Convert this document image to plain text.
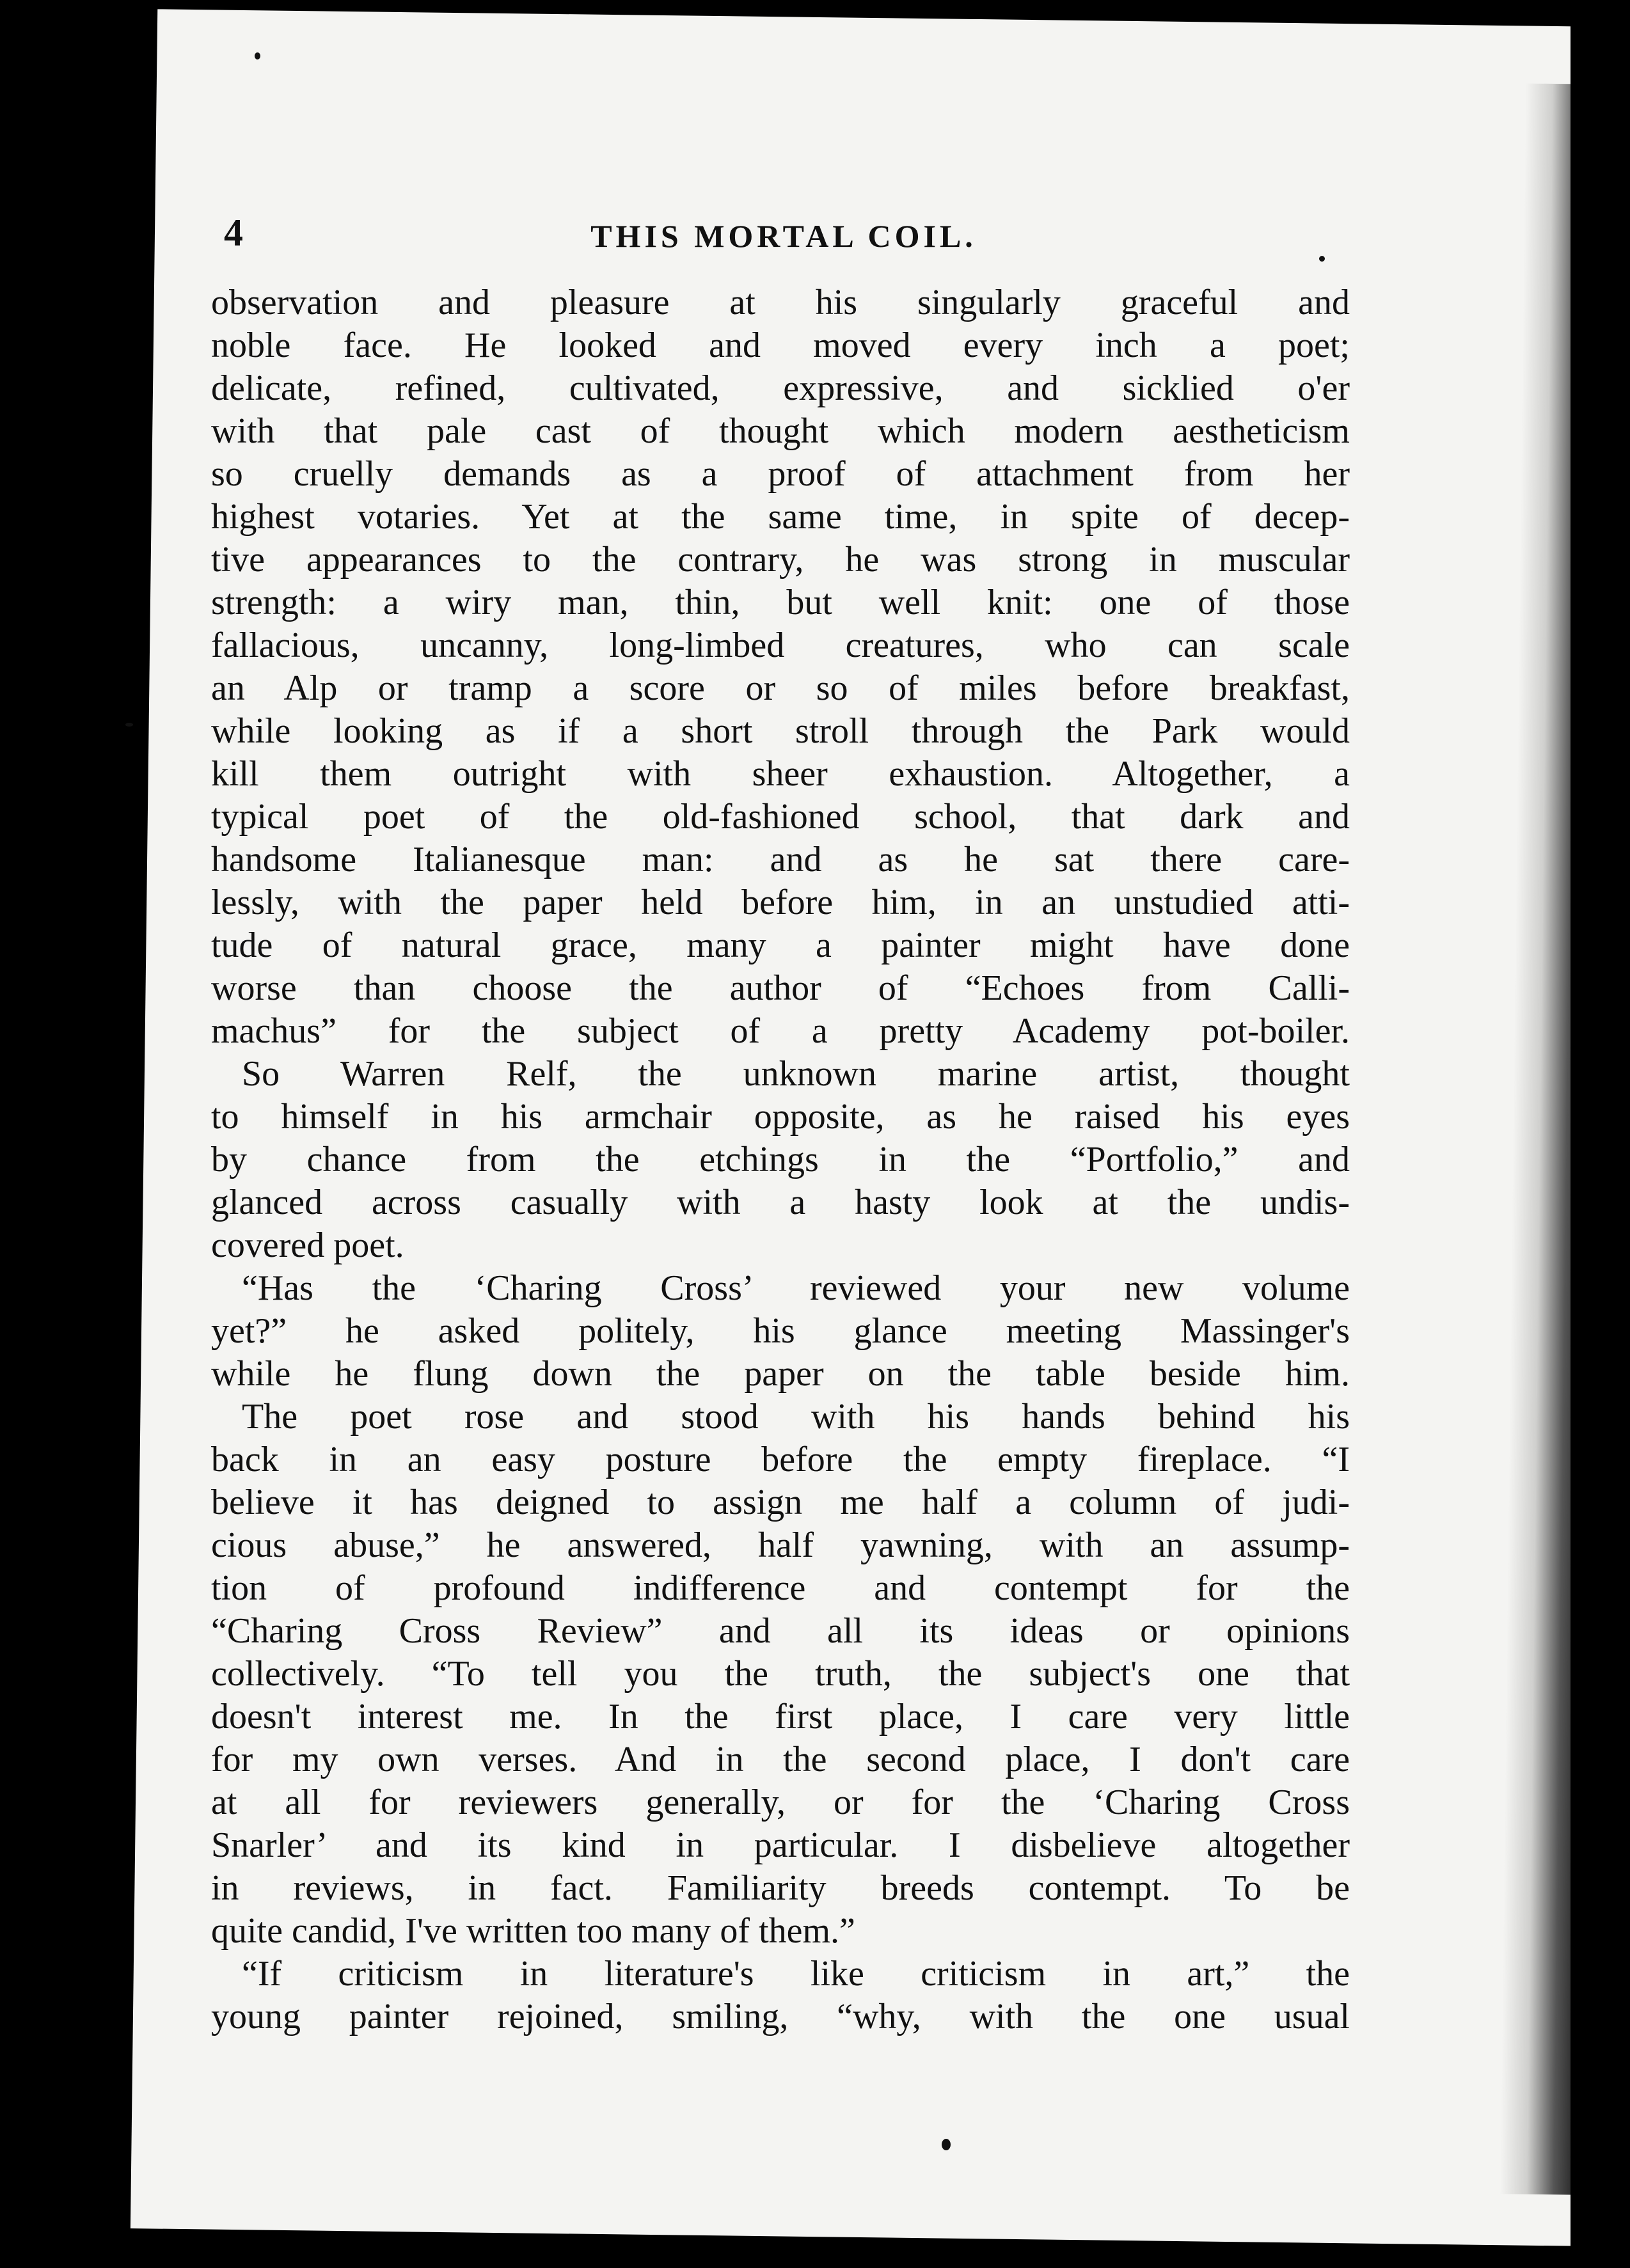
4	THIS MORTAL COIL.
observation and pleasure at his singularly graceful and
noble face. He looked and moved every inch a poet;
delicate, refined, cultivated, expressive, and sicklied o'er
with that pale cast of thought which modern aestheticism
so cruelly demands as a proof of attachment from her
highest votaries. Yet at the same time, in spite of decep-
tive appearances to the contrary, he was strong in muscular
strength: a wiry man, thin, but well knit: one of those
fallacious, uncanny, long-limbed creatures, who can scale
an Alp or tramp a score or so of miles before breakfast,
while looking as if a short stroll through the Park would
kill them outright with sheer exhaustion. Altogether, a
typical poet of the old-fashioned school, that dark and
handsome Italianesque man: and as he sat there care-
lessly, with the paper held before him, in an unstudied atti-
tude of natural grace, many a painter might have done
worse than choose the author of “Echoes from Calli-
machus” for the subject of a pretty Academy pot-boiler.
So Warren Relf, the unknown marine artist, thought
to himself in his armchair opposite, as he raised his eyes
by chance from the etchings in the “Portfolio,” and
glanced across casually with a hasty look at the undis-
covered poet.
“Has the ‘Charing Cross’ reviewed your new volume
yet?” he asked politely, his glance meeting Massinger's
while he flung down the paper on the table beside him.
The poet rose and stood with his hands behind his
back in an easy posture before the empty fireplace. “I
believe it has deigned to assign me half a column of judi-
cious abuse,” he answered, half yawning, with an assump-
tion of profound indifference and contempt for the
“Charing Cross Review” and all its ideas or opinions
collectively. “To tell you the truth, the subject's one that
doesn't interest me. In the first place, I care very little
for my own verses. And in the second place, I don't care
at all for reviewers generally, or for the ‘Charing Cross
Snarler’ and its kind in particular. I disbelieve altogether
in reviews, in fact. Familiarity breeds contempt. To be
quite candid, I've written too many of them.”
“If criticism in literature's like criticism in art,” the
young painter rejoined, smiling, “why, with the one usual
